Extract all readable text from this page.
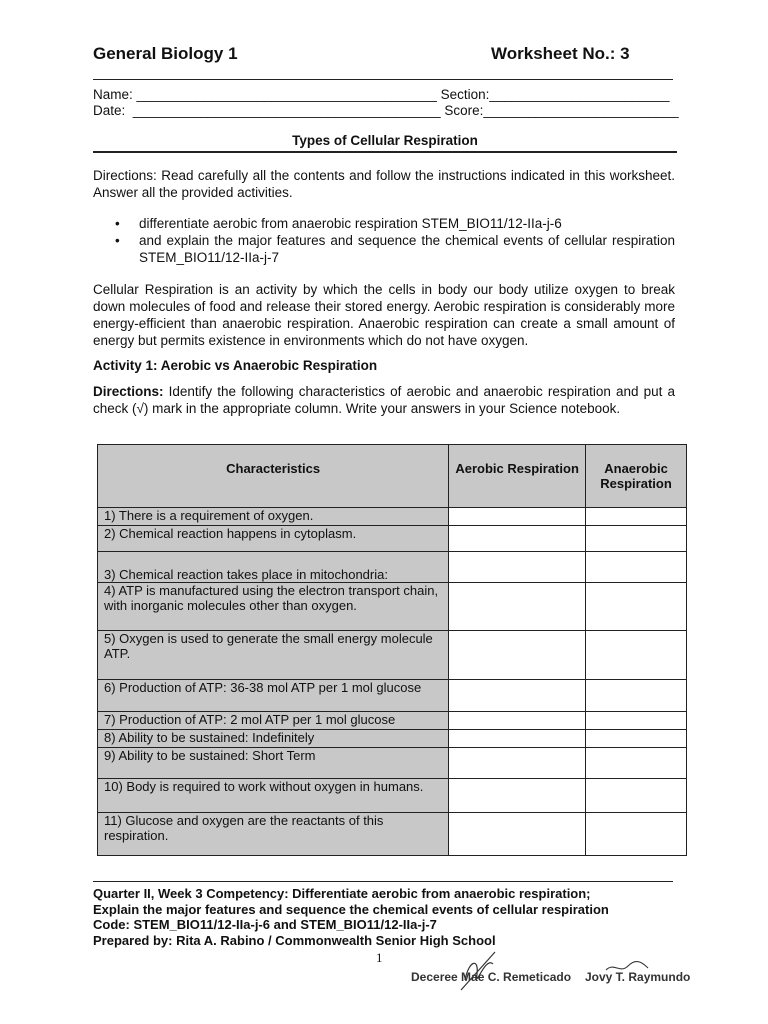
General Biology 1	Worksheet No.: 3
Name: ________________________________________ Section:________________________
Date:  _________________________________________ Score:__________________________
Types of Cellular Respiration
Directions: Read carefully all the contents and follow the instructions indicated in this worksheet. Answer all the provided activities.
• differentiate aerobic from anaerobic respiration STEM_BIO11/12-IIa-j-6
• and explain the major features and sequence the chemical events of cellular respiration STEM_BIO11/12-IIa-j-7
Cellular Respiration is an activity by which the cells in body our body utilize oxygen to break down molecules of food and release their stored energy. Aerobic respiration is considerably more energy-efficient than anaerobic respiration. Anaerobic respiration can create a small amount of energy but permits existence in environments which do not have oxygen.
Activity 1: Aerobic vs Anaerobic Respiration
Directions: Identify the following characteristics of aerobic and anaerobic respiration and put a check (√) mark in the appropriate column. Write your answers in your Science notebook.
Characteristics	Aerobic Respiration	Anaerobic Respiration
1) There is a requirement of oxygen.		
2) Chemical reaction happens in cytoplasm.		
3) Chemical reaction takes place in mitochondria:		
4) ATP is manufactured using the electron transport chain, with inorganic molecules other than oxygen.		
5) Oxygen is used to generate the small energy molecule ATP.		
6) Production of ATP: 36-38 mol ATP per 1 mol glucose		
7) Production of ATP: 2 mol ATP per 1 mol glucose		
8) Ability to be sustained: Indefinitely		
9) Ability to be sustained: Short Term		
10) Body is required to work without oxygen in humans.		
11) Glucose and oxygen are the reactants of this respiration.		
Quarter II, Week 3 Competency: Differentiate aerobic from anaerobic respiration;
Explain the major features and sequence the chemical events of cellular respiration
Code: STEM_BIO11/12-IIa-j-6 and STEM_BIO11/12-IIa-j-7
Prepared by: Rita A. Rabino / Commonwealth Senior High School
1
Deceree Mae C. Remeticado Jovy T. Raymundo
